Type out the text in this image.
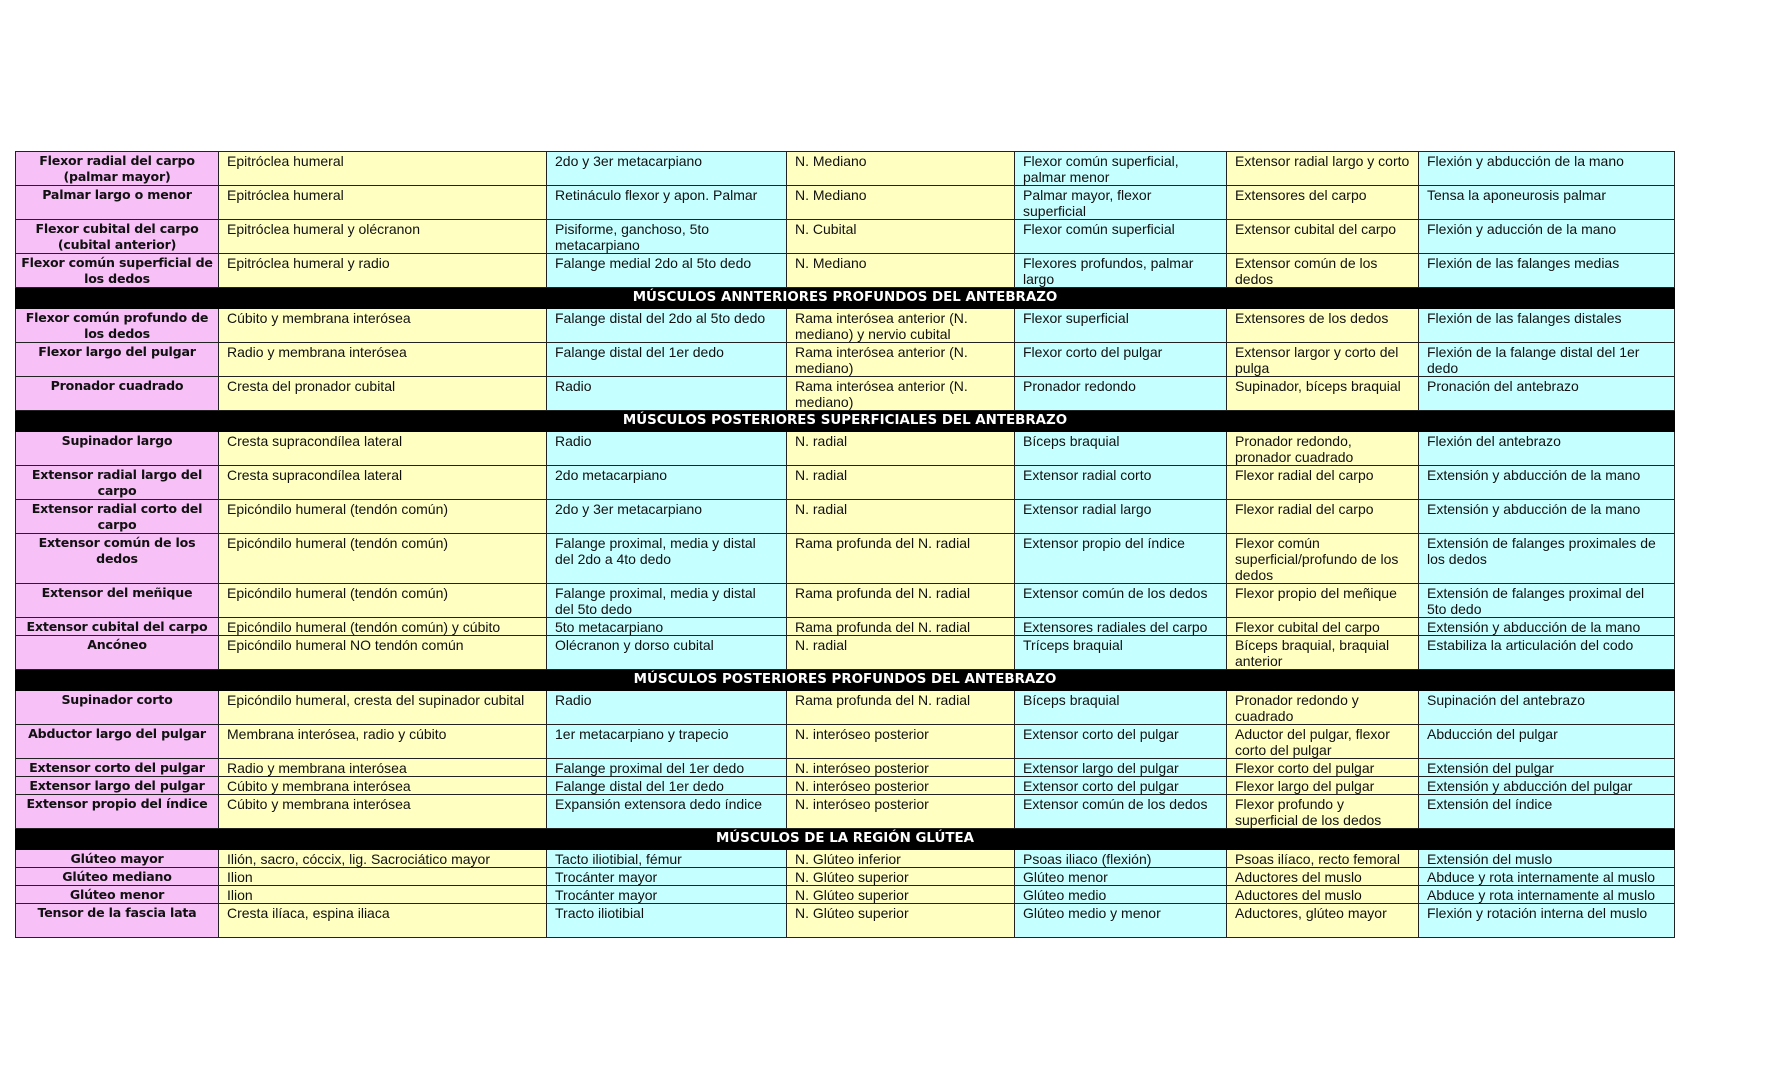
Flexor radial del carpo (palmar mayor)	Epitróclea humeral	2do y 3er metacarpiano	N. Mediano	Flexor común superficial, palmar menor	Extensor radial largo y corto	Flexión y abducción de la mano
Palmar largo o menor	Epitróclea humeral	Retináculo flexor y apon. Palmar	N. Mediano	Palmar mayor, flexor superficial	Extensores del carpo	Tensa la aponeurosis palmar
Flexor cubital del carpo (cubital anterior)	Epitróclea humeral y olécranon	Pisiforme, ganchoso, 5to metacarpiano	N. Cubital	Flexor común superficial	Extensor cubital del carpo	Flexión y aducción de la mano
Flexor común superficial de los dedos	Epitróclea humeral y radio	Falange medial 2do al 5to dedo	N. Mediano	Flexores profundos, palmar largo	Extensor común de los dedos	Flexión de las falanges medias
MÚSCULOS ANNTERIORES PROFUNDOS DEL ANTEBRAZO						
Flexor común profundo de los dedos	Cúbito y membrana interósea	Falange distal del 2do al 5to dedo	Rama interósea anterior (N. mediano) y nervio cubital	Flexor superficial	Extensores de los dedos	Flexión de las falanges distales
Flexor largo del pulgar	Radio y membrana interósea	Falange distal del 1er dedo	Rama interósea anterior (N. mediano)	Flexor corto del pulgar	Extensor largor y corto del pulga	Flexión de la falange distal del 1er dedo
Pronador cuadrado	Cresta del pronador cubital	Radio	Rama interósea anterior (N. mediano)	Pronador redondo	Supinador, bíceps braquial	Pronación del antebrazo
MÚSCULOS POSTERIORES SUPERFICIALES DEL ANTEBRAZO						
Supinador largo	Cresta supracondílea lateral	Radio	N. radial	Bíceps braquial	Pronador redondo, pronador cuadrado	Flexión del antebrazo
Extensor radial largo del carpo	Cresta supracondílea lateral	2do metacarpiano	N. radial	Extensor radial corto	Flexor radial del carpo	Extensión y abducción de la mano
Extensor radial corto del carpo	Epicóndilo humeral (tendón común)	2do y 3er metacarpiano	N. radial	Extensor radial largo	Flexor radial del carpo	Extensión y abducción de la mano
Extensor común de los dedos	Epicóndilo humeral (tendón común)	Falange proximal, media y distal del 2do a 4to dedo	Rama profunda del N. radial	Extensor propio del índice	Flexor común superficial/profundo de los dedos	Extensión de falanges proximales de los dedos
Extensor del meñique	Epicóndilo humeral (tendón común)	Falange proximal, media y distal del 5to dedo	Rama profunda del N. radial	Extensor común de los dedos	Flexor propio del meñique	Extensión de falanges proximal del 5to dedo
Extensor cubital del carpo	Epicóndilo humeral (tendón común) y cúbito	5to metacarpiano	Rama profunda del N. radial	Extensores radiales del carpo	Flexor cubital del carpo	Extensión y abducción de la mano
Ancóneo	Epicóndilo humeral NO tendón común	Olécranon y dorso cubital	N. radial	Tríceps braquial	Bíceps braquial, braquial anterior	Estabiliza la articulación del codo
MÚSCULOS POSTERIORES PROFUNDOS DEL ANTEBRAZO						
Supinador corto	Epicóndilo humeral, cresta del supinador cubital	Radio	Rama profunda del N. radial	Bíceps braquial	Pronador redondo y cuadrado	Supinación del antebrazo
Abductor largo del pulgar	Membrana interósea, radio y cúbito	1er metacarpiano y trapecio	N. interóseo posterior	Extensor corto del pulgar	Aductor del pulgar, flexor corto del pulgar	Abducción del pulgar
Extensor corto del pulgar	Radio y membrana interósea	Falange proximal del 1er dedo	N. interóseo posterior	Extensor largo del pulgar	Flexor corto del pulgar	Extensión del pulgar
Extensor largo del pulgar	Cúbito y membrana interósea	Falange distal del 1er dedo	N. interóseo posterior	Extensor corto del pulgar	Flexor largo del pulgar	Extensión y abducción del pulgar
Extensor propio del índice	Cúbito y membrana interósea	Expansión extensora dedo índice	N. interóseo posterior	Extensor común de los dedos	Flexor profundo y superficial de los dedos	Extensión del índice
MÚSCULOS DE LA REGIÓN GLÚTEA						
Glúteo mayor	Ilión, sacro, cóccix, lig. Sacrociático mayor	Tacto iliotibial, fémur	N. Glúteo inferior	Psoas iliaco (flexión)	Psoas ilíaco, recto femoral	Extensión del muslo
Glúteo mediano	Ilion	Trocánter mayor	N. Glúteo superior	Glúteo menor	Aductores del muslo	Abduce y rota internamente al muslo
Glúteo menor	Ilion	Trocánter mayor	N. Glúteo superior	Glúteo medio	Aductores del muslo	Abduce y rota internamente al muslo
Tensor de la fascia lata	Cresta ilíaca, espina iliaca	Tracto iliotibial	N. Glúteo superior	Glúteo medio y menor	Aductores, glúteo mayor	Flexión y rotación interna del muslo
